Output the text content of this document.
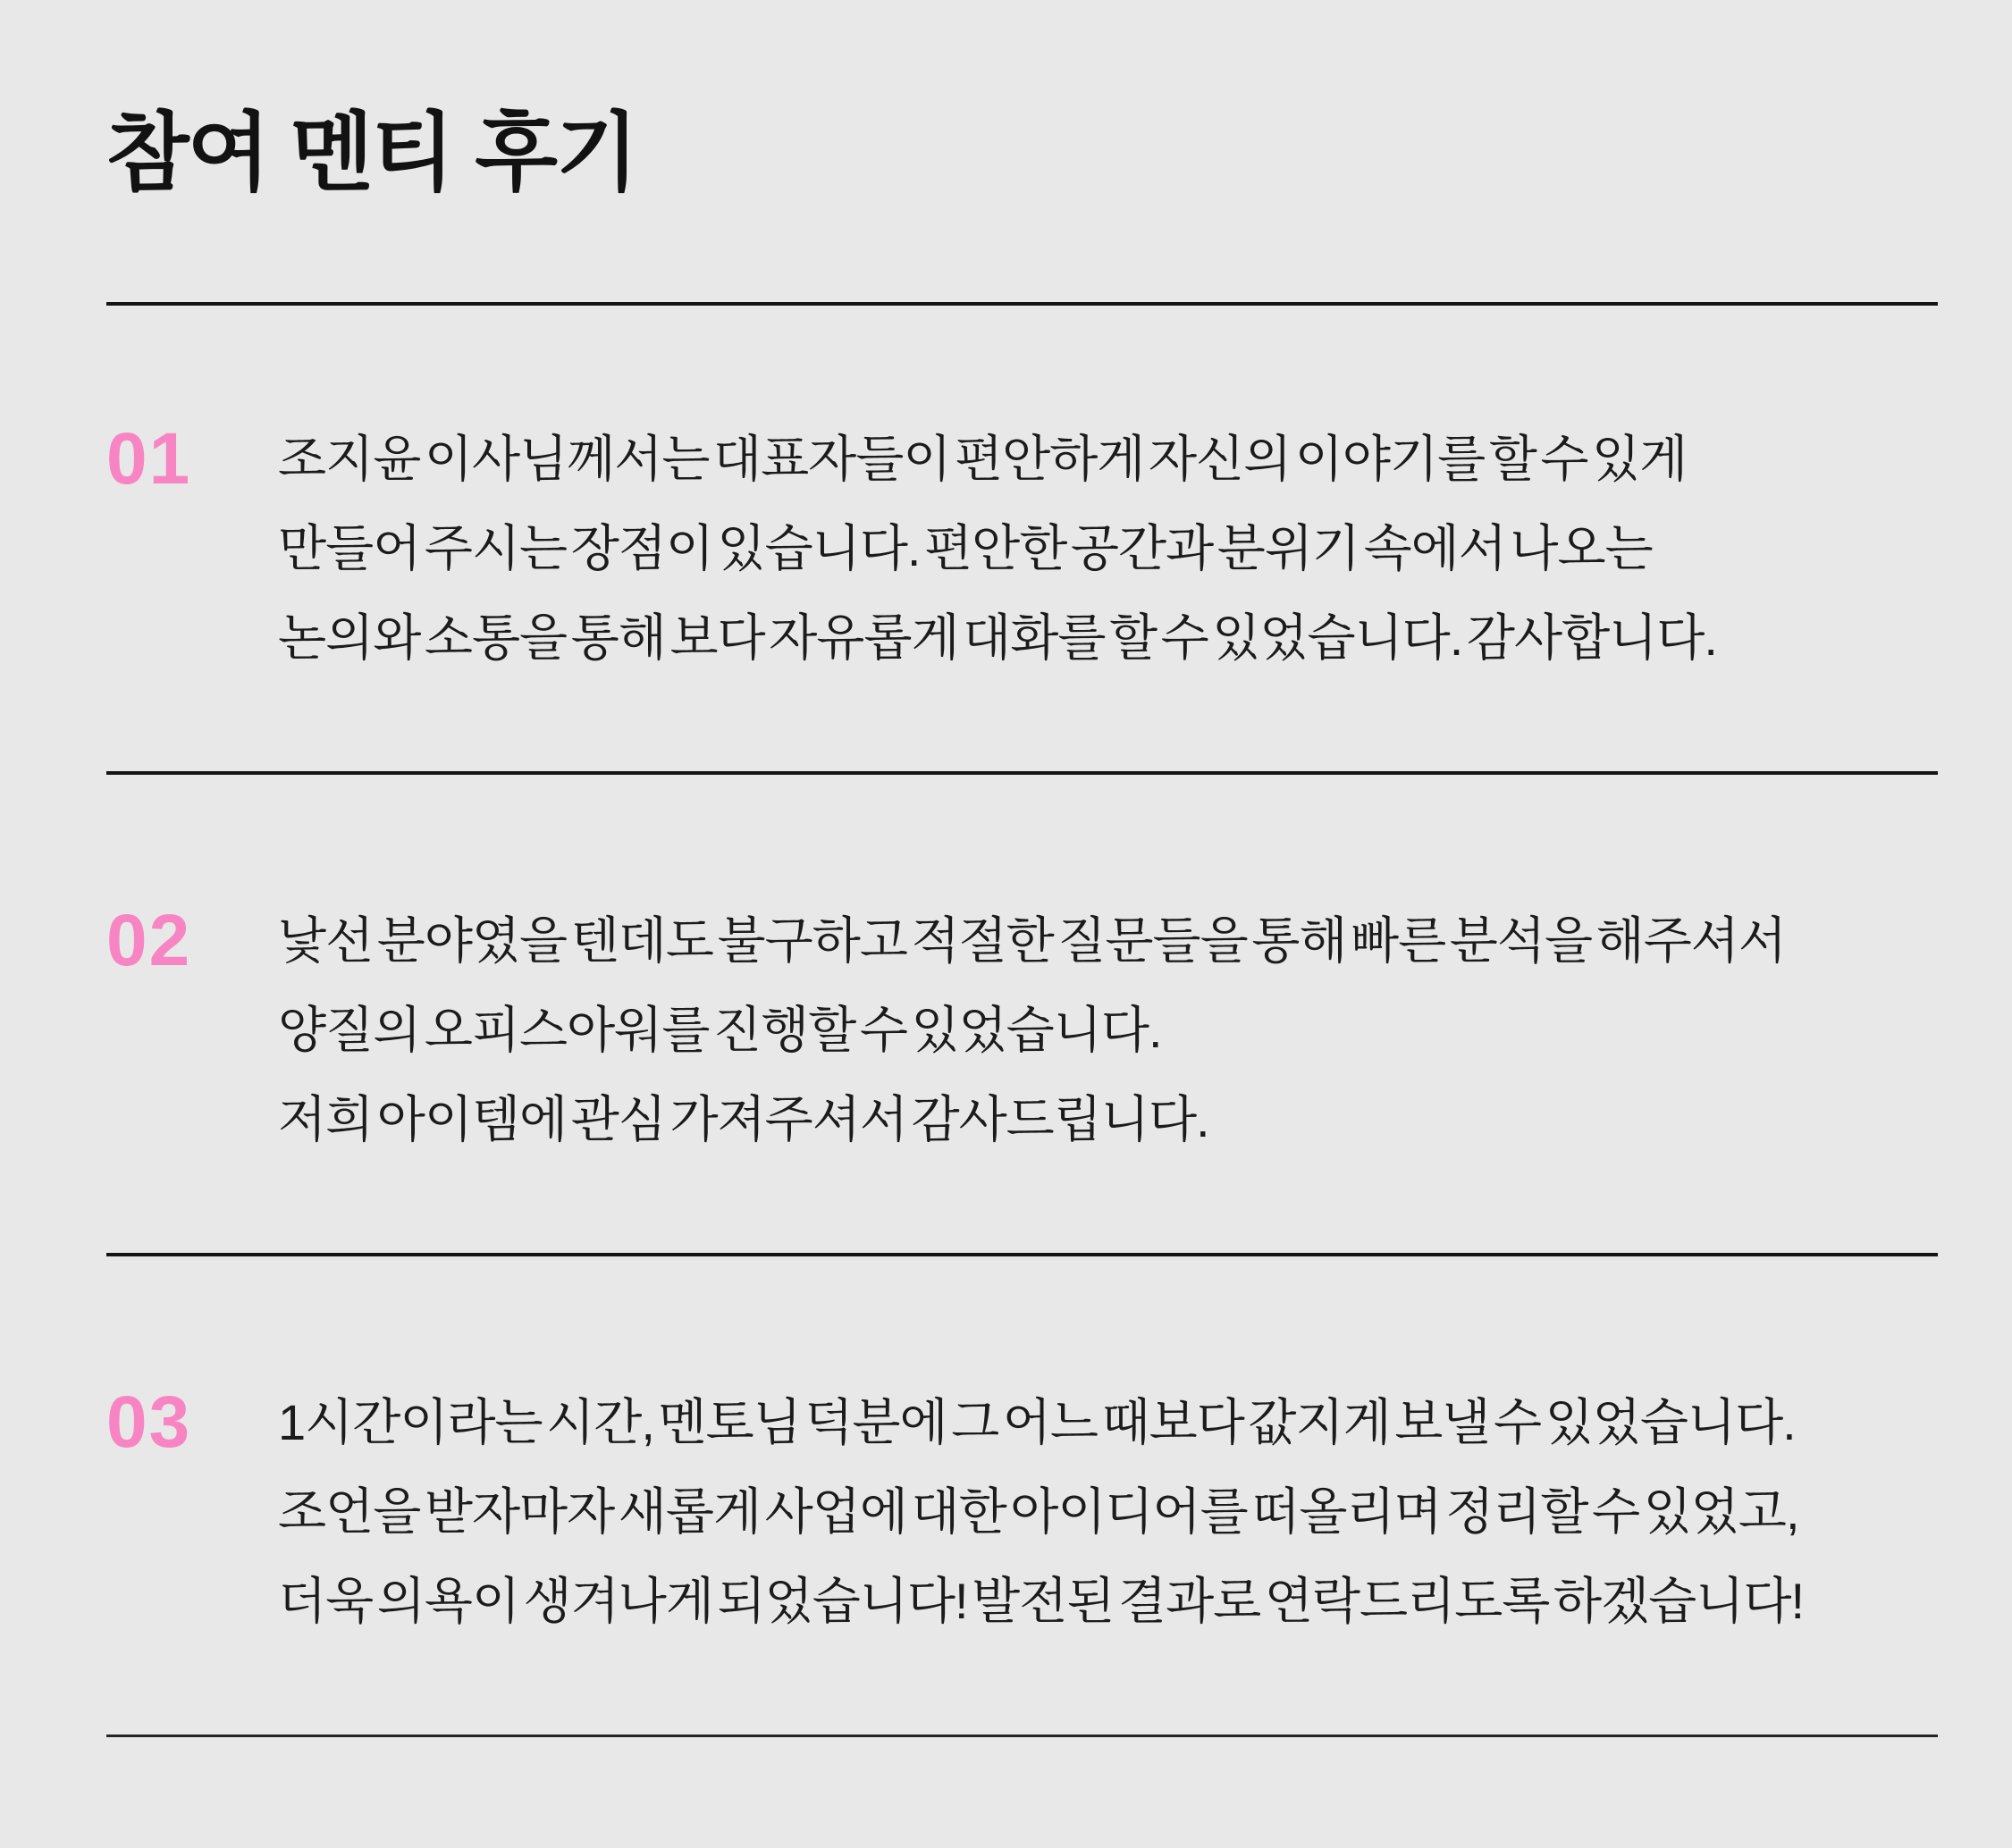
참여 멘티 후기
01	조지윤 이사님께서는 대표자들이 편안하게 자신의 이야기를 할 수 있게

만들어 주시는 장점이 있습니다. 편안한 공간과 분위기 속에서 나오는

논의와 소통을 통해 보다 자유롭게 대화를 할 수 있었습니다. 감사합니다.

02	낯선 분야였을 텐데도 불구하고 적절한 질문들을 통해 빠른 분석을 해주셔서

양질의 오피스아워를 진행할 수 있었습니다.

저희 아이템에 관심 가져주셔서 감사드립니다.

03	1시간이라는 시간, 멘토님 덕분에 그 어느 때보다 값지게 보낼 수 있었습니다.

조언을 받자마자 새롭게 사업에 대한 아이디어를 떠올리며 정리할 수 있었고,

더욱 의욕이 생겨나게 되었습니다! 발전된 결과로 연락드리도록 하겠습니다!
